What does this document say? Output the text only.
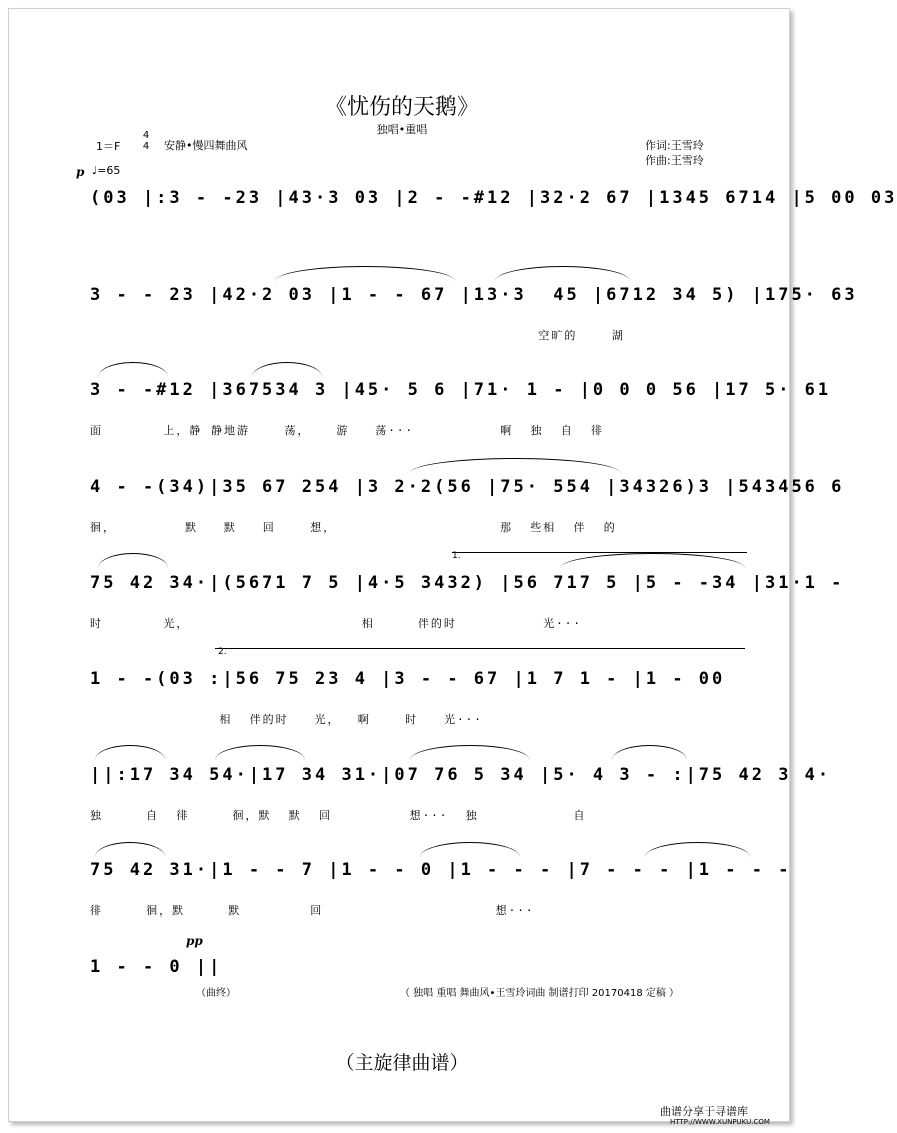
《忧伤的天鹅》
独唱•重唱
1＝F
4
4 安静•慢四舞曲风	作词:王雪玲
作曲:王雪玲
p ♩=65
(03 |:3 - -23 |43·3 03 |2 - -#12 |32·2 67 |1345 6714 |5 00 03
3 - - 23 |42·2 03 |1 - - 67 |13·3  45 |6712 34 5) |175· 63
空旷的    湖
3 - -#12 |367534 3 |45· 5 6 |71· 1 - |0 0 0 56 |17 5· 61
面       上，静 静地游    荡，   游   荡···          啊  独  自  徘
4 - -(34)|35 67 254 |3 2·2(56 |75· 554 |34326)3 |543456 6
徊，        默   默   回    想，                   那  些相  伴  的
75 42 34·|(5671 7 5 |4·5 3432) |56 717 5 |5 - -34 |31·1 -
时       光，                    相     伴的时          光···
1 - -(03 :|56 75 23 4 |3 - - 67 |1 7 1 - |1 - 00
相  伴的时   光，  啊    时   光···
||:17 34 54·|17 34 31·|07 76 5 34 |5· 4 3 - :|75 42 3 4·
独     自  徘     徊，默  默  回         想···  独           自
75 42 31·|1 - - 7 |1 - - 0 |1 - - - |7 - - - |1 - - -
徘     徊，默     默        回                    想···
1 - - 0 ||
pp
（曲终）	（ 独唱 重唱 舞曲风•王雪玲词曲 制谱打印 20170418 定稿 ）
1.
2.
（主旋律曲谱）
曲谱分享于寻谱库
HTTP://WWW.XUNPUKU.COM
